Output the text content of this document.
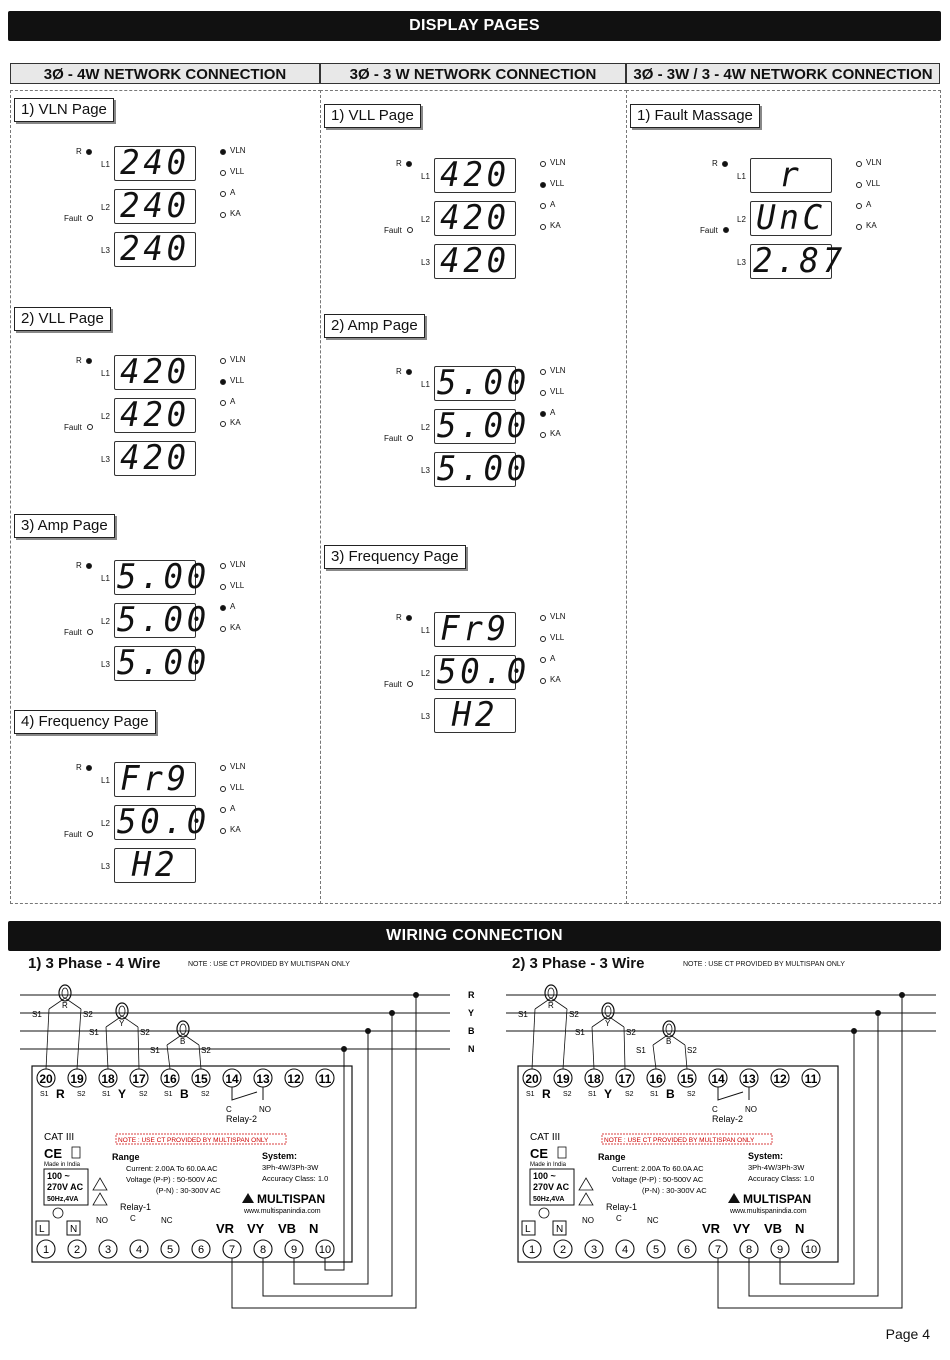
DISPLAY PAGES
3Ø - 4W NETWORK CONNECTION	3Ø - 3 W NETWORK CONNECTION	3Ø - 3W / 3 - 4W NETWORK CONNECTION
1) VLN Page
R
Fault
L1 240
L2 240
L3 240
VLN
VLL
A
KA
2) VLL Page
R
Fault
L1 420
L2 420
L3 420
VLN
VLL
A
KA
3) Amp Page
R
Fault
L1 5.00
L2 5.00
L3 5.00
VLN
VLL
A
KA
4) Frequency Page
R
Fault
L1 Fr9
L2 50.0
L3 H2
VLN
VLL
A
KA
1) VLL Page
R
Fault
L1 420
L2 420
L3 420
VLN
VLL
A
KA
2) Amp Page
R
Fault
L1 5.00
L2 5.00
L3 5.00
VLN
VLL
A
KA
3) Frequency Page
R
Fault
L1 Fr9
L2 50.0
L3 H2
VLN
VLL
A
KA
1) Fault Massage
R
Fault
L1 r
L2 UnC
L3 2.87
VLN
VLL
A
KA
WIRING CONNECTION
1) 3 Phase - 4 Wire	NOTE : USE CT PROVIDED BY MULTISPAN ONLY	2) 3 Phase - 3 Wire	NOTE : USE CT PROVIDED BY MULTISPAN ONLY
R
Y
B
N
R
S1	S2
Y
S1	S2
B
S1	S2
20 19 18 17 16 15 14 13 12 11
S1	S2 S1	S2 S1	S2
R	Y	B
C	NO
Relay-2
CAT III
CE
Made in India
100 ~
270V AC
50Hz,4VA
NOTE : USE CT PROVIDED BY MULTISPAN ONLY
Range
Current: 2.00A To 60.0A AC
Voltage (P-P) : 50-500V AC
(P-N) : 30-300V AC
System:
3Ph-4W/3Ph-3W
Accuracy Class: 1.0
MULTISPAN
www.multispanindia.com
Relay-1
NO	C	NC
L	N	VR VY VB N
1 2 3 4 5 6 7 8 9 10
R
S1	S2
Y
S1	S2
B
S1	S2
20 19 18 17 16 15 14 13 12 11
S1	S2 S1	S2 S1	S2
R	Y	B
C	NO
Relay-2
CAT III
CE
Made in India
100 ~
270V AC
50Hz,4VA
NOTE : USE CT PROVIDED BY MULTISPAN ONLY
Range
Current: 2.00A To 60.0A AC
Voltage (P-P) : 50-500V AC
(P-N) : 30-300V AC
System:
3Ph-4W/3Ph-3W
Accuracy Class: 1.0
MULTISPAN
www.multispanindia.com
Relay-1
NO	C	NC
L	N	VR VY VB N
1 2 3 4 5 6 7 8 9 10
Page 4
